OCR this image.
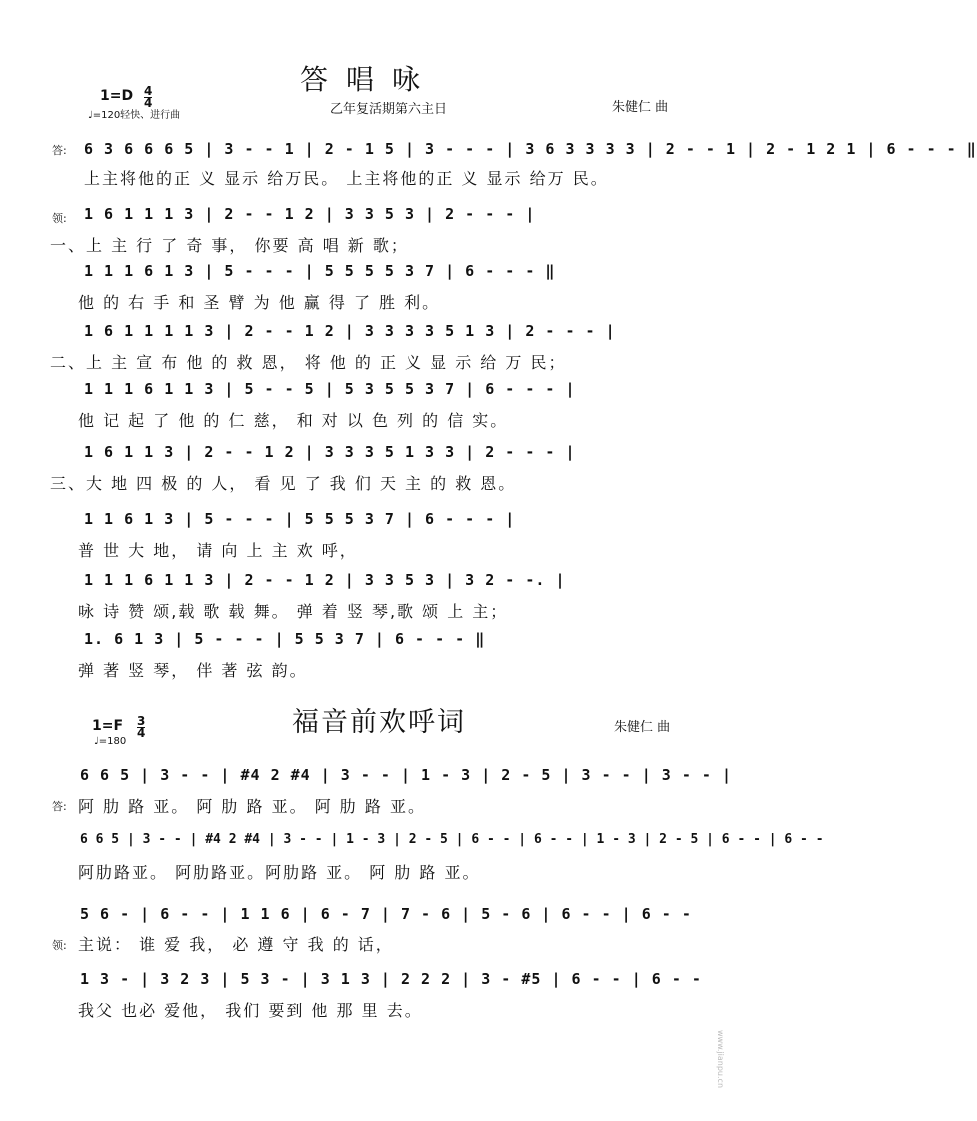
1=D 4
4
♩=120轻快、进行曲
答唱咏
乙年复活期第六主日	朱健仁 曲
答: 6 3 6 6 6 5 | 3 - - 1 | 2 - 1 5 | 3 - - - | 3 6 3 3 3 3 | 2 - - 1 | 2 - 1 2 1 | 6 - - - ‖
上主将他的正 义 显示 给万民。 上主将他的正 义 显示 给万 民。
领: 1 6 1 1 1 3 | 2 - - 1 2 | 3 3 5 3 | 2 - - - |
一、上 主 行 了 奇 事， 你要 高 唱 新 歌；
1 1 1 6 1 3 | 5 - - - | 5 5 5 5 3 7 | 6 - - - ‖
他 的 右 手 和 圣 臂 为 他 赢 得 了 胜 利。
1 6 1 1 1 1 3 | 2 - - 1 2 | 3 3 3 3 5 1 3 | 2 - - - |
二、上 主 宣 布 他 的 救 恩， 将 他 的 正 义 显 示 给 万 民；
1 1 1 6 1 1 3 | 5 - - 5 | 5 3 5 5 3 7 | 6 - - - |
他 记 起 了 他 的 仁 慈， 和 对 以 色 列 的 信 实。
1 6 1 1 3 | 2 - - 1 2 | 3 3 3 5 1 3 3 | 2 - - - |
三、大 地 四 极 的 人， 看 见 了 我 们 天 主 的 救 恩。
1 1 6 1 3 | 5 - - - | 5 5 5 3 7 | 6 - - - |
普 世 大 地， 请 向 上 主 欢 呼，
1 1 1 6 1 1 3 | 2 - - 1 2 | 3 3 5 3 | 3 2 - -. |
咏 诗 赞 颂,载 歌 载 舞。 弹 着 竖 琴,歌 颂 上 主；
1. 6 1 3 | 5 - - - | 5 5 3 7 | 6 - - - ‖
弹 著 竖 琴， 伴 著 弦 韵。
1=F 3
4
♩=180
福音前欢呼词	朱健仁 曲
6 6 5 | 3 - - | #4 2 #4 | 3 - - | 1 - 3 | 2 - 5 | 3 - - | 3 - - |
答: 阿 肋 路 亚。 阿 肋 路 亚。 阿 肋 路 亚。
6 6 5 | 3 - - | #4 2 #4 | 3 - - | 1 - 3 | 2 - 5 | 6 - - | 6 - - | 1 - 3 | 2 - 5 | 6 - - | 6 - -
阿肋路亚。 阿肋路亚。阿肋路 亚。 阿 肋 路 亚。
5 6 - | 6 - - | 1 1 6 | 6 - 7 | 7 - 6 | 5 - 6 | 6 - - | 6 - -
领: 主说： 谁 爱 我， 必 遵 守 我 的 话，
1 3 - | 3 2 3 | 5 3 - | 3 1 3 | 2 2 2 | 3 - #5 | 6 - - | 6 - -
我父 也必 爱他， 我们 要到 他 那 里 去。
www.jianpu.cn
